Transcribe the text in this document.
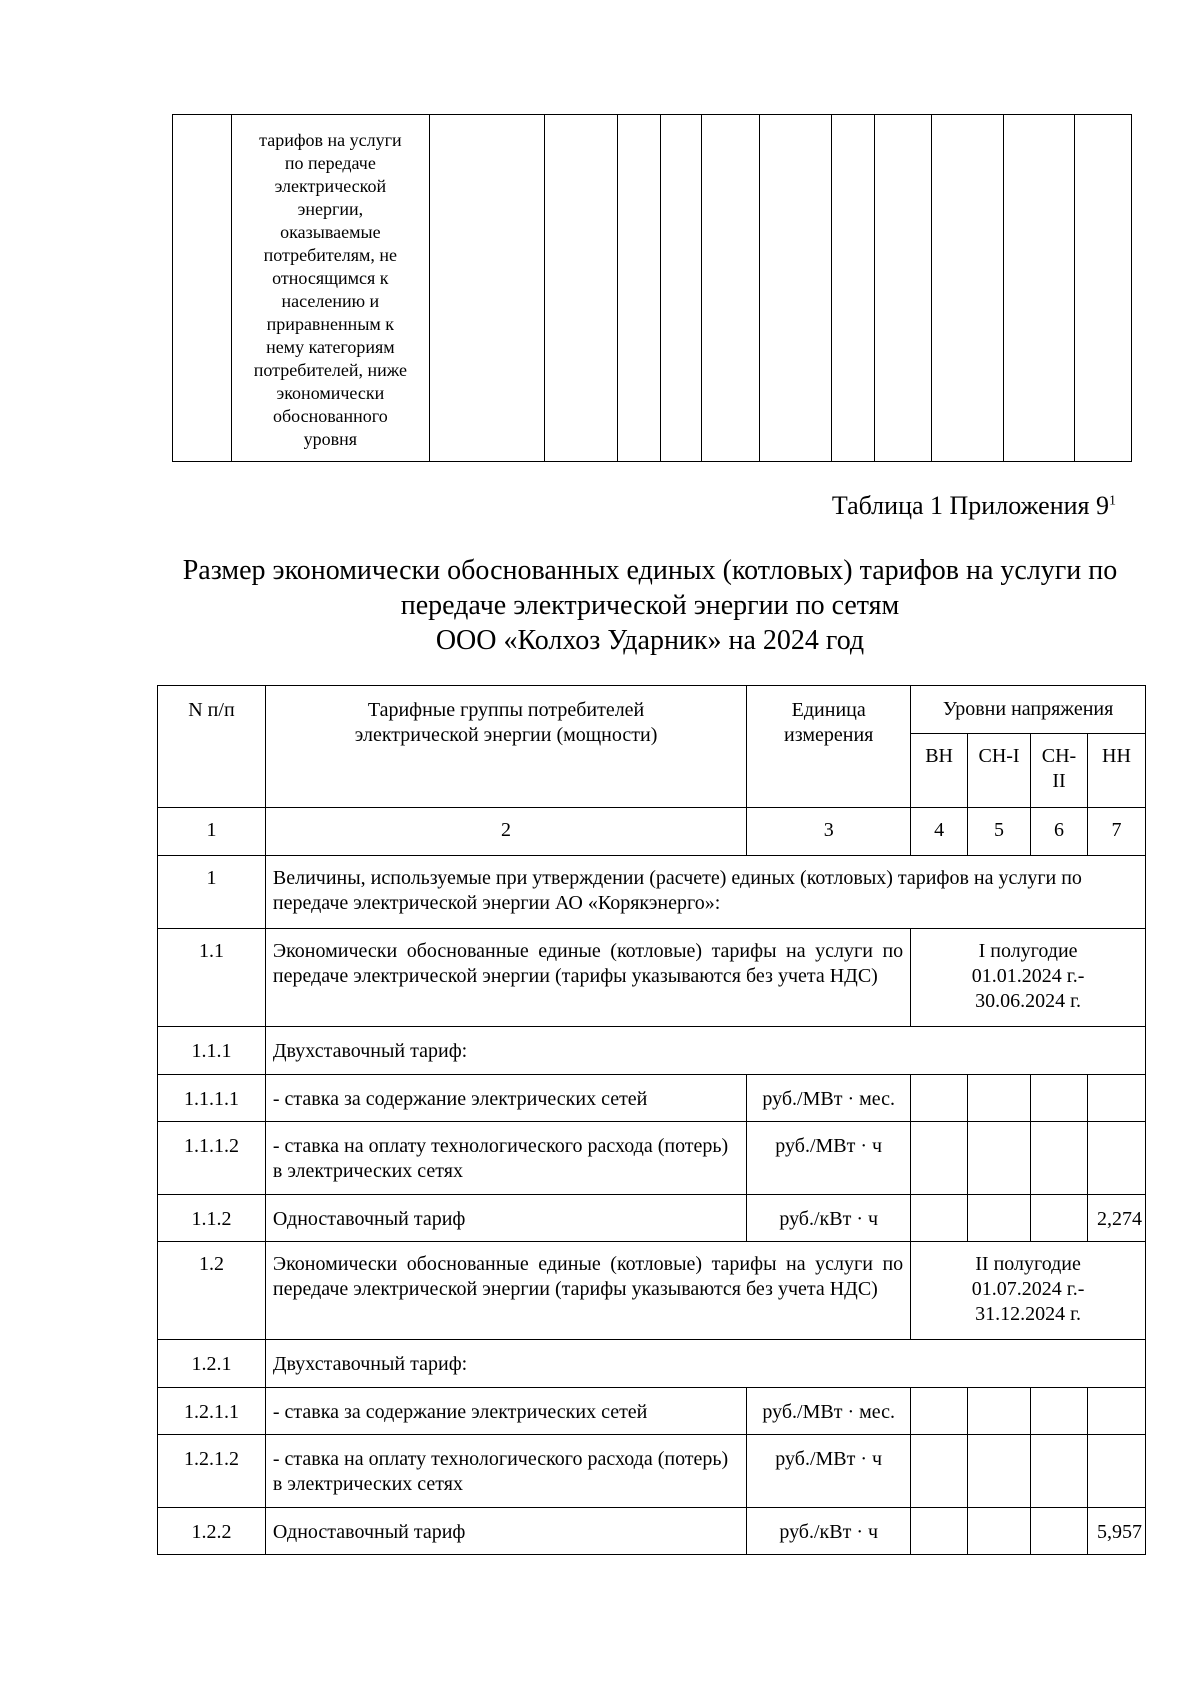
тарифов на услуги
по передаче
электрической
энергии,
оказываемые
потребителям, не
относящимся к
населению и
приравненным к
нему категориям
потребителей, ниже
экономически
обоснованного
уровня

Таблица 1 Приложения $9^1$
Размер экономически обоснованных единых (котловых) тарифов на услуги по
передаче электрической энергии по сетям
ООО «Колхоз Ударник» на 2024 год
N п/п	Тарифные группы потребителей электрической энергии (мощности)	Единица измерения	Уровни напряжения			
			ВН	СН-I	СН-II	НН
1	2	3	4	5	6	7
1	Величины, используемые при утверждении (расчете) единых (котловых) тарифов на услуги по передаче электрической энергии АО «Корякэнерго»:					
1.1	Экономически обоснованные единые (котловые) тарифы на услуги по передаче электрической энергии (тарифы указываются без учета НДС)		I полугодие
01.01.2024 г.-
30.06.2024 г.			

1.1.1	Двухставочный тариф:					
1.1.1.1	- ставка за содержание электрических сетей	руб./МВт · мес.				
1.1.1.2	- ставка на оплату технологического расхода (потерь) в электрических сетях	руб./МВт · ч				
1.1.2	Одноставочный тариф	руб./кВт · ч				2,274
1.2	Экономически обоснованные единые (котловые) тарифы на услуги по передаче электрической энергии (тарифы указываются без учета НДС)		II полугодие
01.07.2024 г.-
31.12.2024 г.			

1.2.1	Двухставочный тариф:					
1.2.1.1	- ставка за содержание электрических сетей	руб./МВт · мес.				
1.2.1.2	- ставка на оплату технологического расхода (потерь) в электрических сетях	руб./МВт · ч				
1.2.2	Одноставочный тариф	руб./кВт · ч				5,957
